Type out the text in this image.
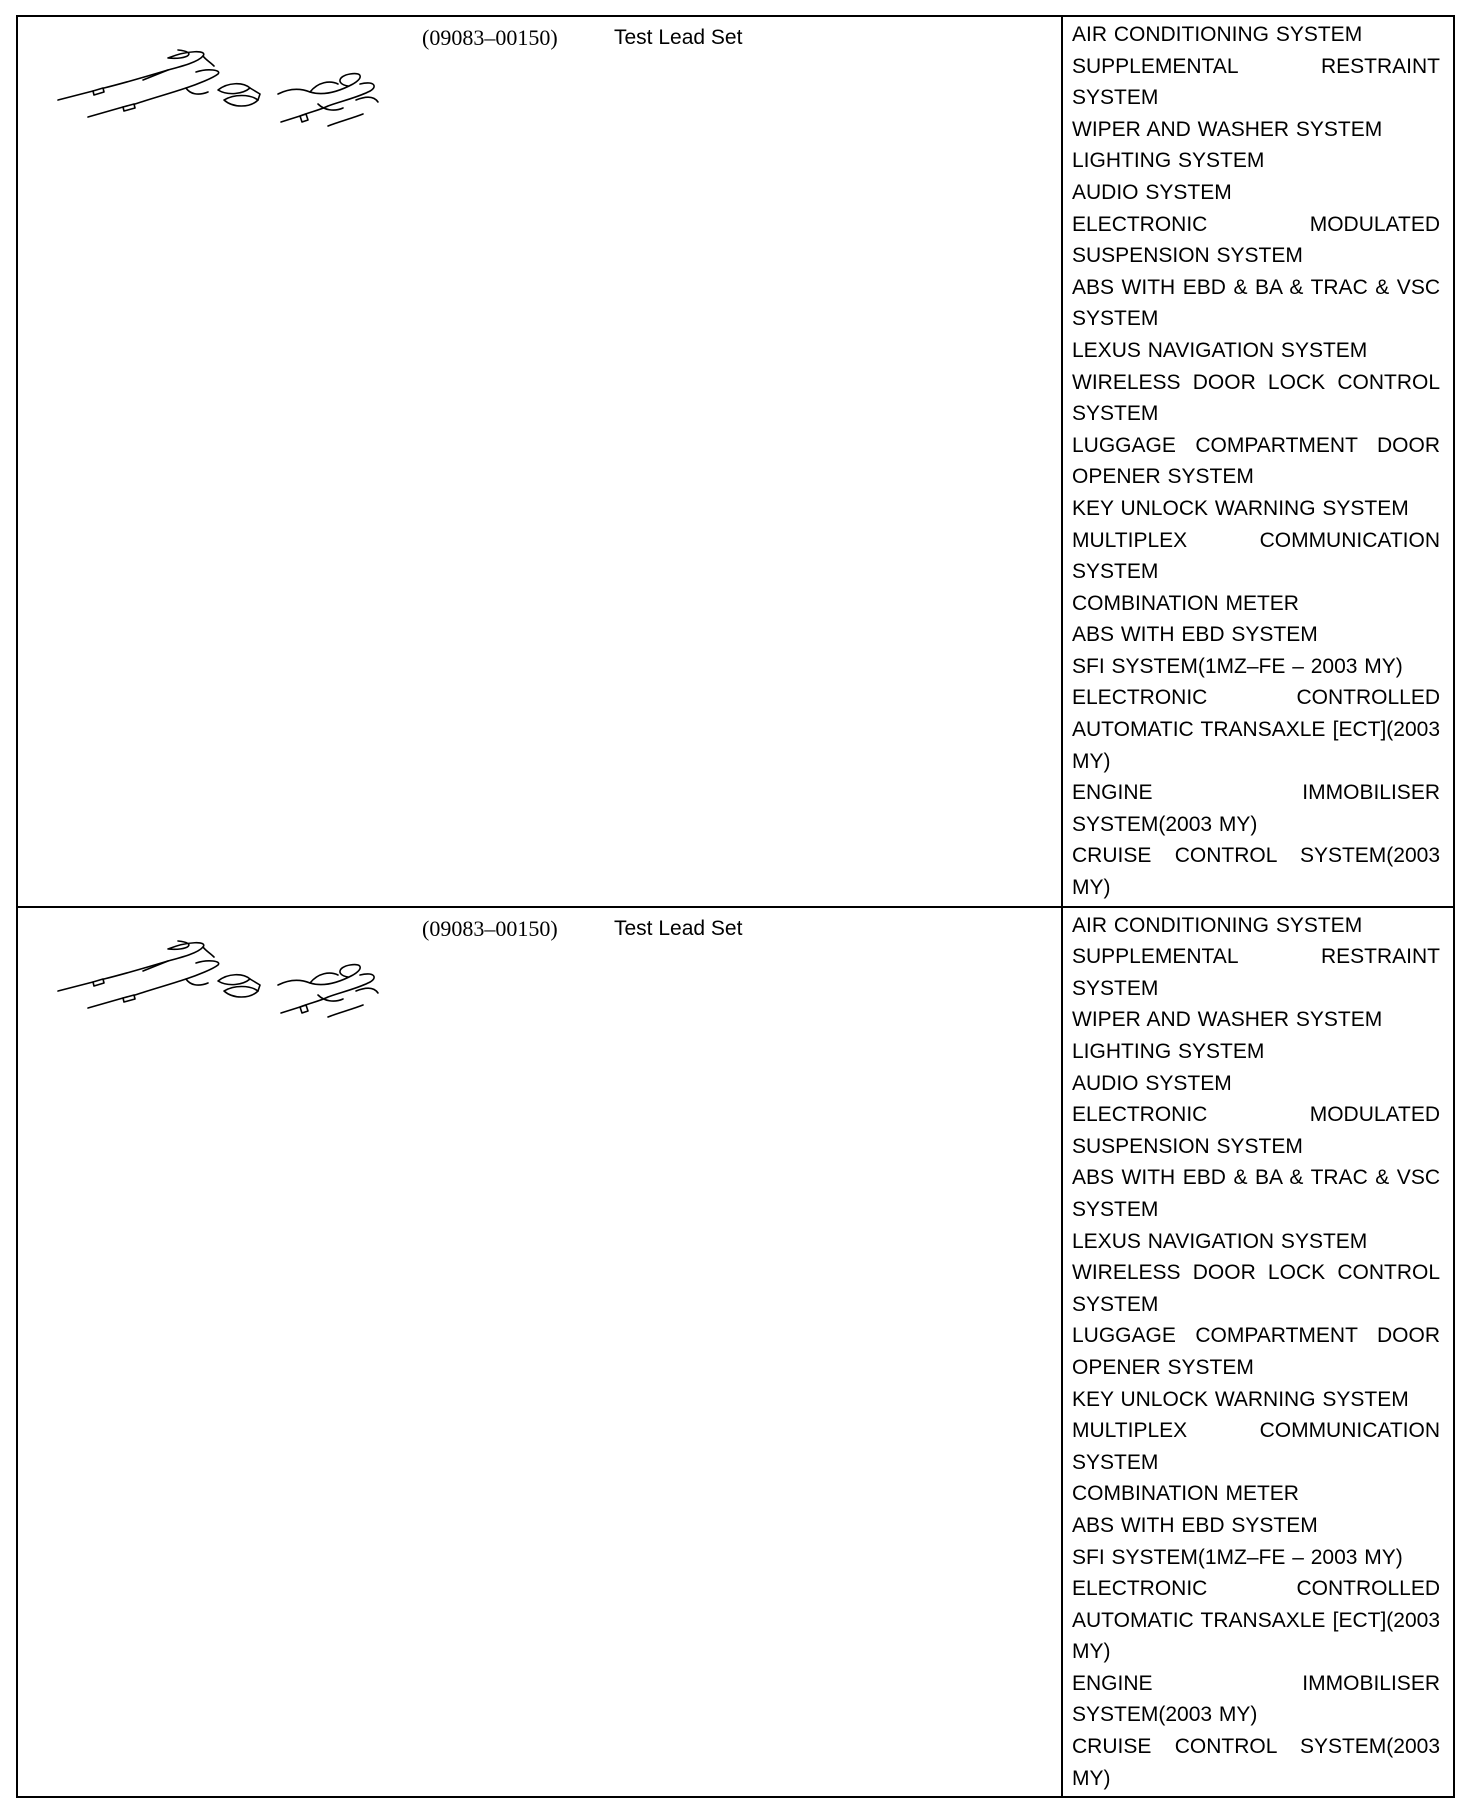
(09083–00150)	Test Lead Set	AIR CONDITIONING SYSTEM
SUPPLEMENTAL RESTRAINT SYSTEM
WIPER AND WASHER SYSTEM
LIGHTING SYSTEM
AUDIO SYSTEM
ELECTRONIC MODULATED SUSPENSION SYSTEM
ABS WITH EBD & BA & TRAC & VSC SYSTEM
LEXUS NAVIGATION SYSTEM
WIRELESS DOOR LOCK CONTROL SYSTEM
LUGGAGE COMPARTMENT DOOR OPENER SYSTEM
KEY UNLOCK WARNING SYSTEM
MULTIPLEX COMMUNICATION SYSTEM
COMBINATION METER
ABS WITH EBD SYSTEM
SFI SYSTEM(1MZ–FE – 2003 MY)
ELECTRONIC CONTROLLED AUTOMATIC TRANSAXLE [ECT](2003 MY)
ENGINE IMMOBILISER SYSTEM(2003 MY)
CRUISE CONTROL SYSTEM(2003 MY)
(09083–00150)	Test Lead Set	AIR CONDITIONING SYSTEM
SUPPLEMENTAL RESTRAINT SYSTEM
WIPER AND WASHER SYSTEM
LIGHTING SYSTEM
AUDIO SYSTEM
ELECTRONIC MODULATED SUSPENSION SYSTEM
ABS WITH EBD & BA & TRAC & VSC SYSTEM
LEXUS NAVIGATION SYSTEM
WIRELESS DOOR LOCK CONTROL SYSTEM
LUGGAGE COMPARTMENT DOOR OPENER SYSTEM
KEY UNLOCK WARNING SYSTEM
MULTIPLEX COMMUNICATION SYSTEM
COMBINATION METER
ABS WITH EBD SYSTEM
SFI SYSTEM(1MZ–FE – 2003 MY)
ELECTRONIC CONTROLLED AUTOMATIC TRANSAXLE [ECT](2003 MY)
ENGINE IMMOBILISER SYSTEM(2003 MY)
CRUISE CONTROL SYSTEM(2003 MY)
